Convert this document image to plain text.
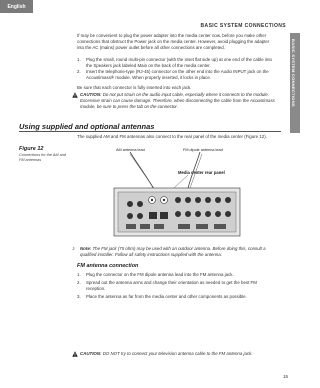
English
BASIC SYSTEM CONNECTIONS
BASIC SYSTEM CONNECTIONS
If may be convenient to plug the power adapter into the media center now, before you make other connections that obstruct the Power jack on the media center. However, avoid plugging the adapter into the AC (mains) power outlet before all other connections are completed.
1. Plug the small, round multi-pin connector (with the inset flat side up) at one end of the cable into the Speakers jack labeled Main on the back of the media center.
2. Insert the telephone-type (RJ-45) connector on the other end into the Audio INPUT jack on the Acoustimass® module. When properly inserted, it locks in place.
Be sure that each connector is fully inserted into each jack.
CAUTION: Do not put strain on the audio input cable, especially where it connects to the module. Excessive strain can cause damage. Therefore, when disconnecting the cable from the Acoustimass module, be sure to press the tab on the connector.
Using supplied and optional antennas
The supplied AM and FM antennas also connect to the rear panel of the media center (Figure 12).
Figure 12
Connections for the AM and FM antennas
AM antenna lead	FM dipole antenna lead
Media center rear panel
♪ Note: The FM jack (75 ohm) may be used with an outdoor antenna. Before doing this, consult a qualified installer. Follow all safety instructions supplied with the antenna.
FM antenna connection
1. Plug the connector on the FM dipole antenna lead into the FM antenna jack.
2. Spread out the antenna arms and change their orientation as needed to get the best FM reception.
3. Place the antenna as far from the media center and other components as possible.
CAUTION: DO NOT try to connect your television antenna cable to the FM antenna jack.
15
